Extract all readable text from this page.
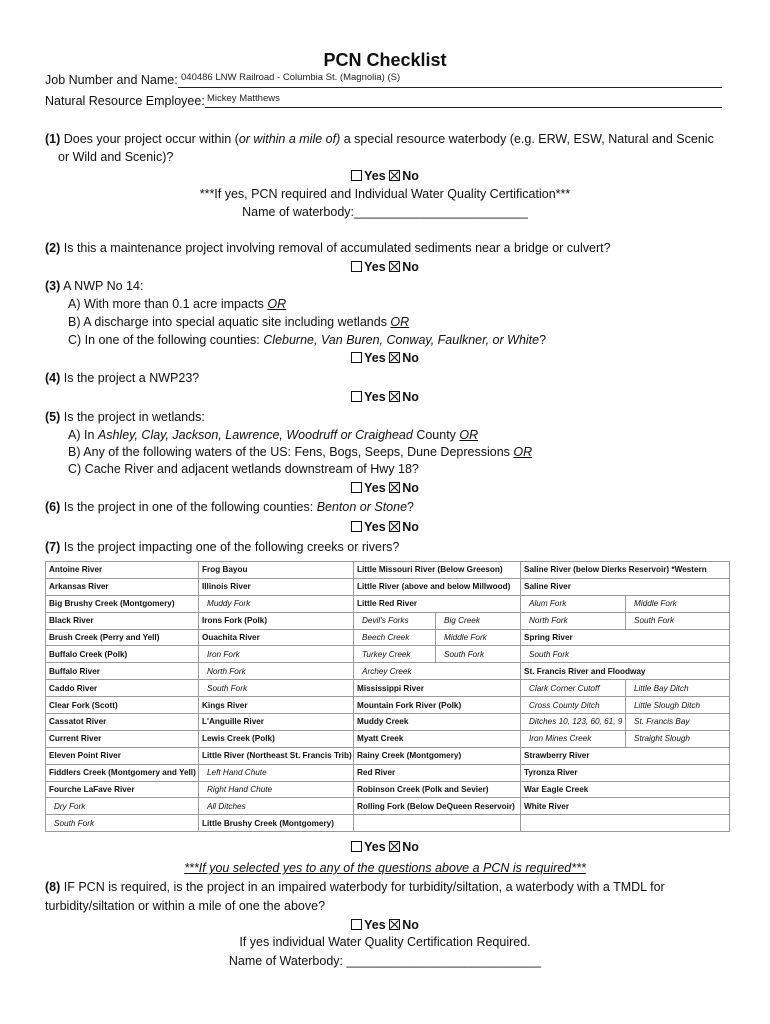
PCN Checklist
Job Number and Name: 040486 LNW Railroad - Columbia St. (Magnolia) (S)
Natural Resource Employee: Mickey Matthews
(1) Does your project occur within (or within a mile of) a special resource waterbody (e.g. ERW, ESW, Natural and Scenic
or Wild and Scenic)?
Yes No
***If yes, PCN required and Individual Water Quality Certification***
Name of waterbody:_________________________
(2) Is this a maintenance project involving removal of accumulated sediments near a bridge or culvert?
Yes No
(3) A NWP No 14:
A) With more than 0.1 acre impacts OR
B) A discharge into special aquatic site including wetlands OR
C) In one of the following counties: Cleburne, Van Buren, Conway, Faulkner, or White?
Yes No
(4) Is the project a NWP23?
Yes No
(5) Is the project in wetlands:
A) In Ashley, Clay, Jackson, Lawrence, Woodruff or Craighead County OR
B) Any of the following waters of the US: Fens, Bogs, Seeps, Dune Depressions OR
C) Cache River and adjacent wetlands downstream of Hwy 18?
Yes No
(6) Is the project in one of the following counties: Benton or Stone?
Yes No
(7) Is the project impacting one of the following creeks or rivers?
Antoine River	Frog Bayou	Little Missouri River (Below Greeson)		Saline River (below Dierks Reservoir) *Western	
Arkansas River	Illinois River	Little River (above and below Millwood)		Saline River	
Big Brushy Creek (Montgomery)	Muddy Fork	Little Red River		Alum Fork	Middle Fork
Black River	Irons Fork (Polk)	Devil's Forks	Big Creek	North Fork	South Fork
Brush Creek (Perry and Yell)	Ouachita River	Beech Creek	Middle Fork	Spring River	
Buffalo Creek (Polk)	Iron Fork	Turkey Creek	South Fork	South Fork	
Buffalo River	North Fork	Archey Creek		St. Francis River and Floodway	
Caddo River	South Fork	Mississippi River		Clark Corner Cutoff	Little Bay Ditch
Clear Fork (Scott)	Kings River	Mountain Fork River (Polk)		Cross County Ditch	Little Slough Ditch
Cassatot River	L'Anguille River	Muddy Creek		Ditches 10, 123, 60, 61, 9	St. Francis Bay
Current River	Lewis Creek (Polk)	Myatt Creek		Iron Mines Creek	Straight Slough
Eleven Point River	Little River (Northeast St. Francis Trib)	Rainy Creek (Montgomery)		Strawberry River	
Fiddlers Creek (Montgomery and Yell)	Left Hand Chute	Red River		Tyronza River	
Fourche LaFave River	Right Hand Chute	Robinson Creek (Polk and Sevier)		War Eagle Creek	
Dry Fork	All Ditches	Rolling Fork (Below DeQueen Reservoir)		White River	
South Fork	Little Brushy Creek (Montgomery)				
Yes No
***If you selected yes to any of the questions above a PCN is required***
(8) IF PCN is required, is the project in an impaired waterbody for turbidity/siltation, a waterbody with a TMDL for
turbidity/siltation or within a mile of one the above?
Yes No
If yes individual Water Quality Certification Required.
Name of Waterbody: ____________________________
